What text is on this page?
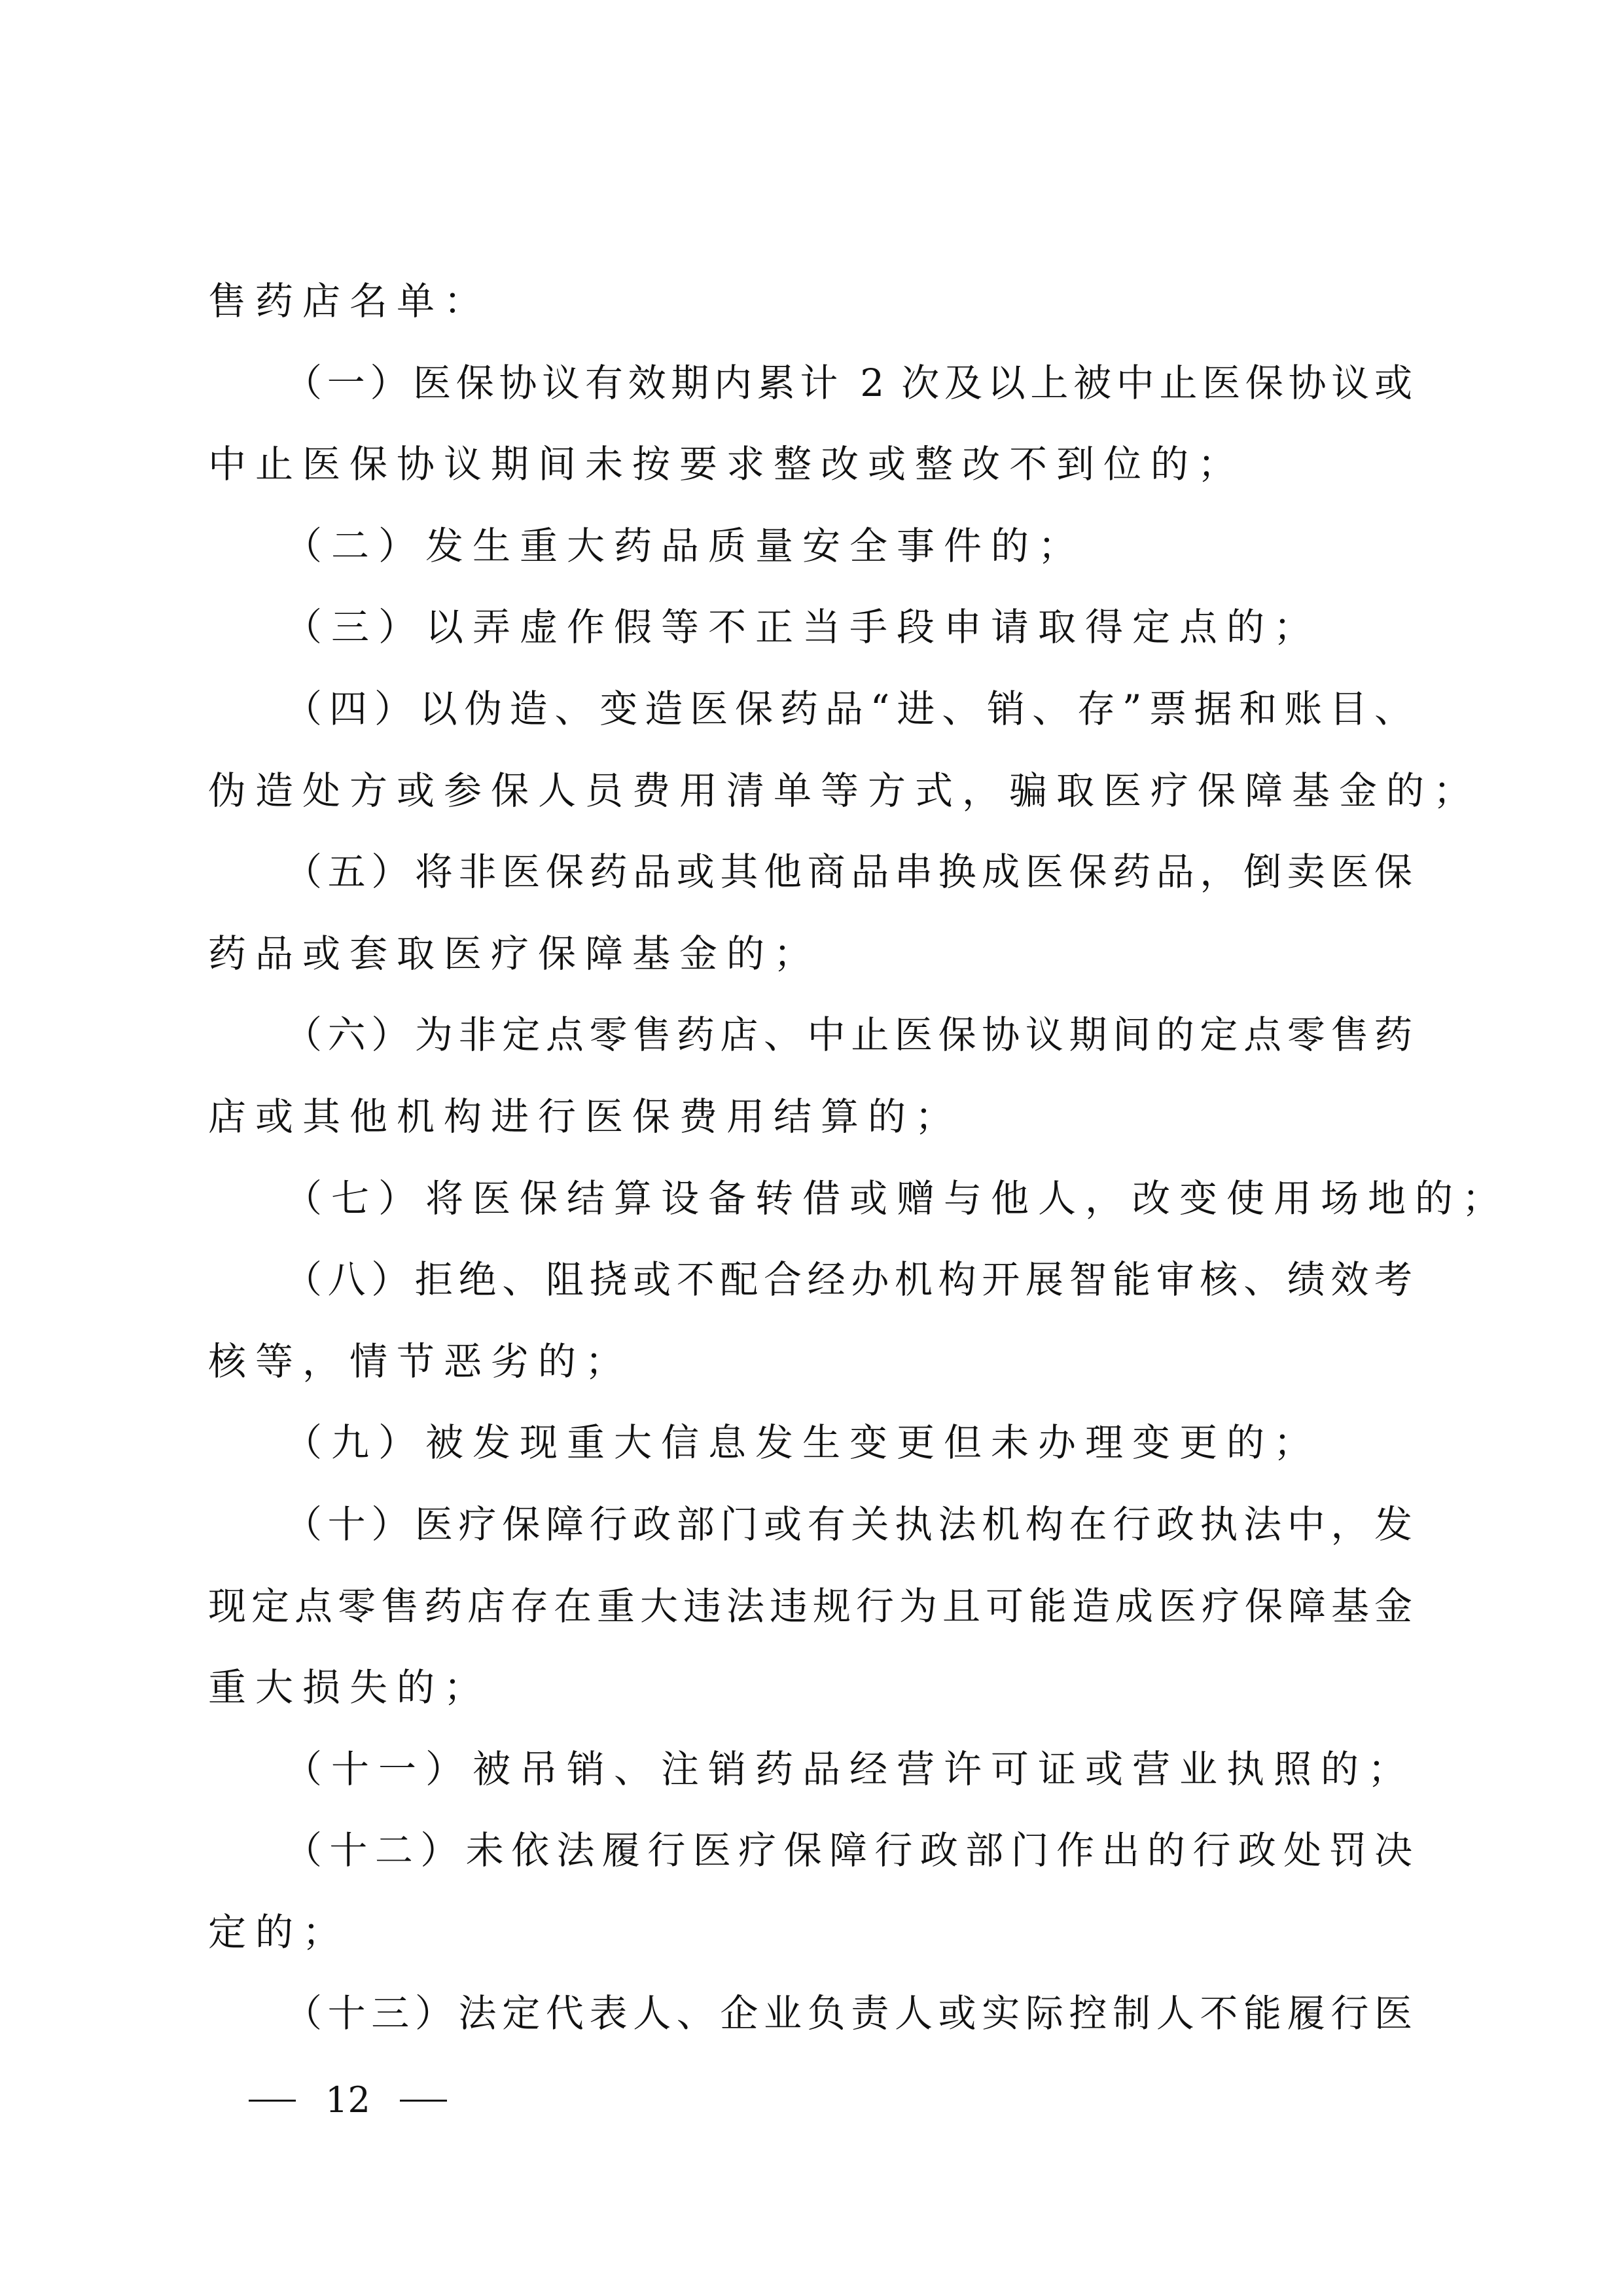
售药店名单：
（一）医保协议有效期内累计 2 次及以上被中止医保协议或
中止医保协议期间未按要求整改或整改不到位的；
（二）发生重大药品质量安全事件的；
（三）以弄虚作假等不正当手段申请取得定点的；
（四）以伪造、变造医保药品“进、销、存”票据和账目、
伪造处方或参保人员费用清单等方式，骗取医疗保障基金的；
（五）将非医保药品或其他商品串换成医保药品，倒卖医保
药品或套取医疗保障基金的；
（六）为非定点零售药店、中止医保协议期间的定点零售药
店或其他机构进行医保费用结算的；
（七）将医保结算设备转借或赠与他人，改变使用场地的；
（八）拒绝、阻挠或不配合经办机构开展智能审核、绩效考
核等，情节恶劣的；
（九）被发现重大信息发生变更但未办理变更的；
（十）医疗保障行政部门或有关执法机构在行政执法中，发
现定点零售药店存在重大违法违规行为且可能造成医疗保障基金
重大损失的；
（十一）被吊销、注销药品经营许可证或营业执照的；
（十二）未依法履行医疗保障行政部门作出的行政处罚决
定的；
（十三）法定代表人、企业负责人或实际控制人不能履行医
12
